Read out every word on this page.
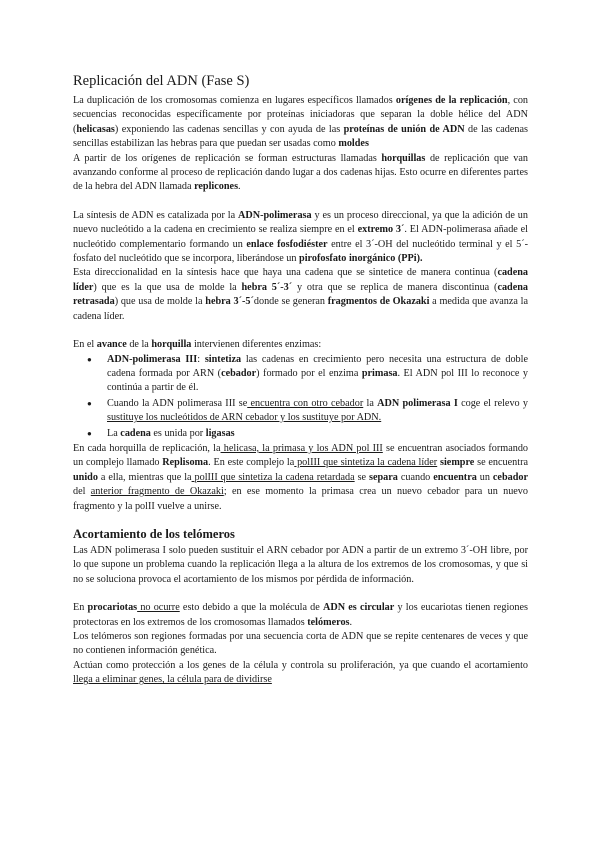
Replicación del ADN (Fase S)

La duplicación de los cromosomas comienza en lugares específicos llamados orígenes de la replicación, con secuencias reconocidas específicamente por proteínas iniciadoras que separan la doble hélice del ADN (helicasas) exponiendo las cadenas sencillas y con ayuda de las proteínas de unión de ADN de las cadenas sencillas estabilizan las hebras para que puedan ser usadas como moldes

A partir de los orígenes de replicación se forman estructuras llamadas horquillas de replicación que van avanzando conforme al proceso de replicación dando lugar a dos cadenas hijas. Esto ocurre en diferentes partes de la hebra del ADN llamada replicones.

La síntesis de ADN es catalizada por la ADN-polimerasa y es un proceso direccional, ya que la adición de un nuevo nucleótido a la cadena en crecimiento se realiza siempre en el extremo 3´. El ADN-polimerasa añade el nucleótido complementario formando un enlace fosfodiéster entre el 3´-OH del nucleótido terminal y el 5´-fosfato del nucleótido que se incorpora, liberándose un pirofosfato inorgánico (PPi).

Esta direccionalidad en la síntesis hace que haya una cadena que se sintetice de manera continua (cadena líder) que es la que usa de molde la hebra 5´-3´ y otra que se replica de manera discontinua (cadena retrasada) que usa de molde la hebra 3´-5´donde se generan fragmentos de Okazaki a medida que avanza la cadena líder.

En el avance de la horquilla intervienen diferentes enzimas:

● ADN-polimerasa III: sintetiza las cadenas en crecimiento pero necesita una estructura de doble cadena formada por ARN (cebador) formado por el enzima primasa. El ADN pol III lo reconoce y continúa a partir de él.
● Cuando la ADN polimerasa III se encuentra con otro cebador la ADN polimerasa I coge el relevo y sustituye los nucleótidos de ARN cebador y los sustituye por ADN.
● La cadena es unida por ligasas

En cada horquilla de replicación, la helicasa, la primasa y los ADN pol III se encuentran asociados formando un complejo llamado Replisoma. En este complejo la polIII que sintetiza la cadena líder siempre se encuentra unido a ella, mientras que la polIII que sintetiza la cadena retardada se separa cuando encuentra un cebador del anterior fragmento de Okazaki; en ese momento la primasa crea un nuevo cebador para un nuevo fragmento y la polII vuelve a unirse.

Acortamiento de los telómeros

Las ADN polimerasa I solo pueden sustituir el ARN cebador por ADN a partir de un extremo 3´-OH libre, por lo que supone un problema cuando la replicación llega a la altura de los extremos de los cromosomas, y que si no se soluciona provoca el acortamiento de los mismos por pérdida de información.

En procariotas no ocurre esto debido a que la molécula de ADN es circular y los eucariotas tienen regiones protectoras en los extremos de los cromosomas llamados telómeros.

Los telómeros son regiones formadas por una secuencia corta de ADN que se repite centenares de veces y que no contienen información genética.

Actúan como protección a los genes de la célula y controla su proliferación, ya que cuando el acortamiento llega a eliminar genes, la célula para de dividirse
